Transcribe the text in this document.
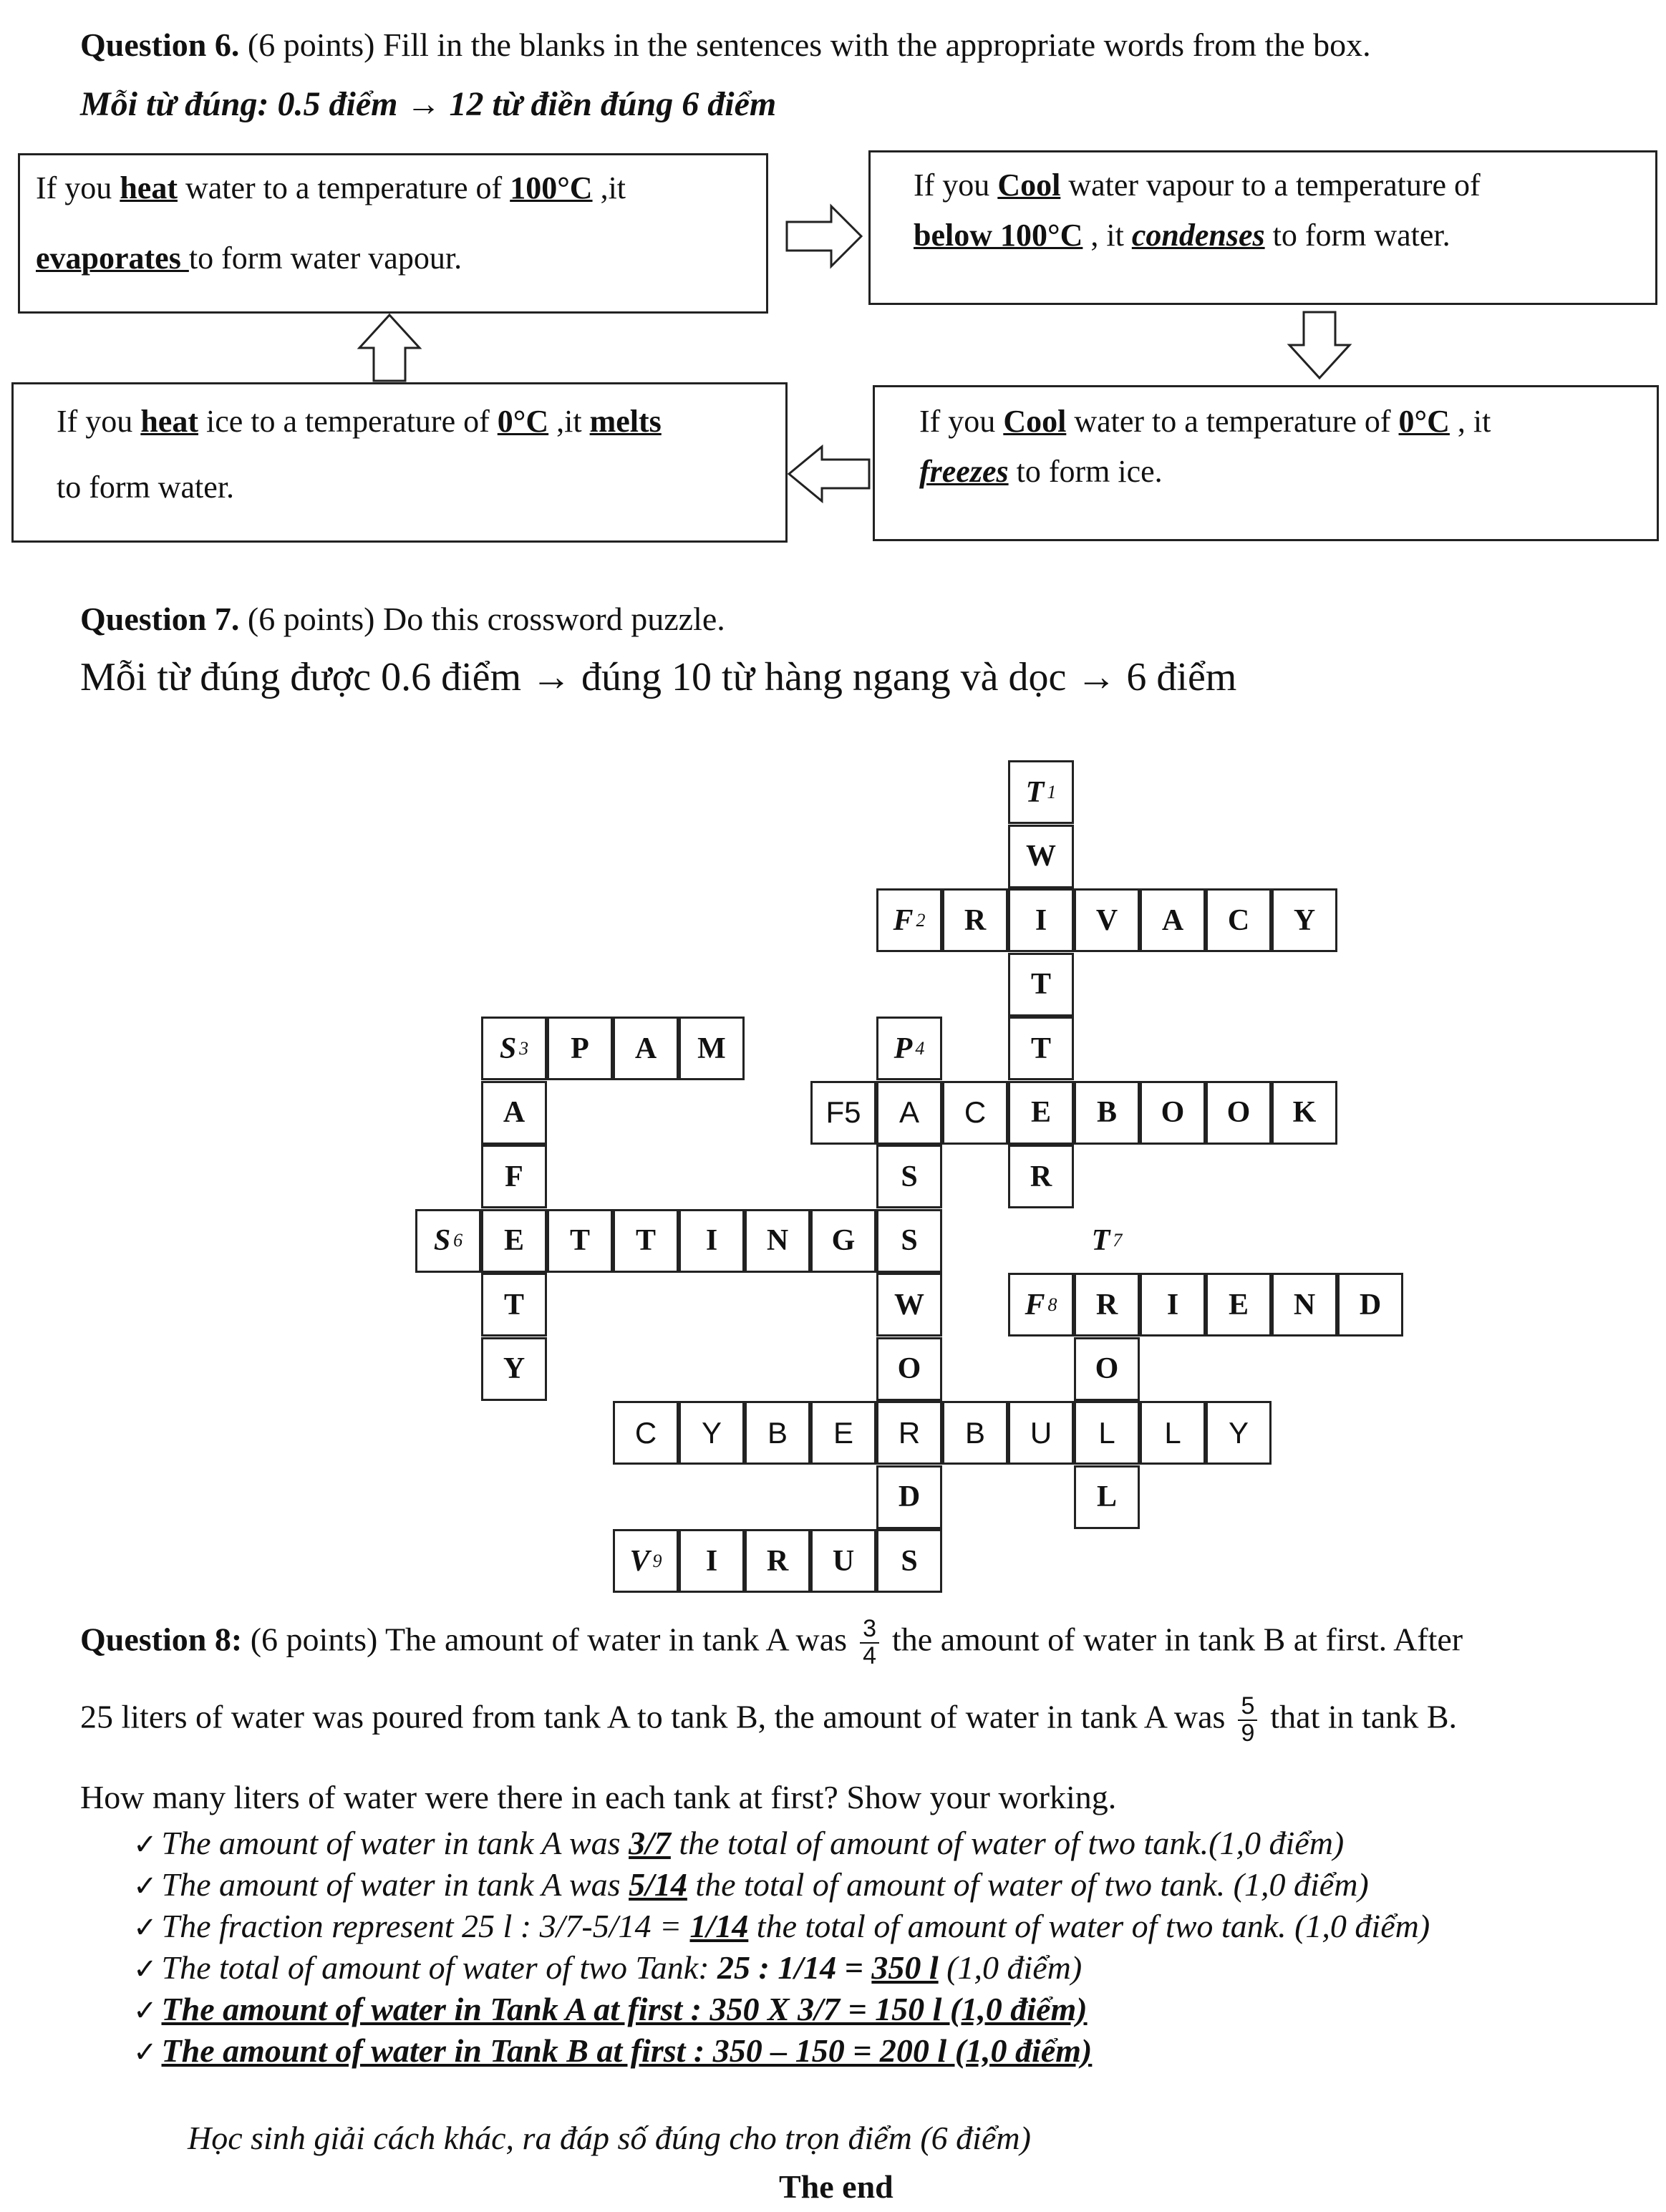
Question 6. (6 points) Fill in the blanks in the sentences with the appropriate words from the box.
Mỗi từ đúng: 0.5 điểm → 12 từ điền đúng 6 điểm
If you heat water to a temperature of 100°C ,it
evaporates to form water vapour.
If you Cool water vapour to a temperature of
below 100°C , it condenses to form water.
If you heat ice to a temperature of 0°C ,it melts
to form water.
If you Cool water to a temperature of 0°C , it
freezes to form ice.
Question 7. (6 points) Do this crossword puzzle.
Mỗi từ đúng được 0.6 điểm → đúng 10 từ hàng ngang và dọc → 6 điểm
T 1
W
F 2 R I V A C Y
T
S 3 P A M	P 4	T
A	F5 A C E B O O K
F	S	R
S 6 E T T I N G S	T 7
T	W	F 8 R I E N D
Y	O	O
C Y B E R B U L L Y
D	L
V 9 I R U S
Question 8: (6 points) The amount of water in tank A was $\frac{3}{4}$ the amount of water in tank B at first. After
25 liters of water was poured from tank A to tank B, the amount of water in tank A was $\frac{5}{9}$ that in tank B.
How many liters of water were there in each tank at first? Show your working.
✓ The amount of water in tank A was 3/7 the total of amount of water of two tank.(1,0 điểm)
✓ The amount of water in tank A was 5/14 the total of amount of water of two tank. (1,0 điểm)
✓ The fraction represent 25 l : 3/7-5/14 = 1/14 the total of amount of water of two tank. (1,0 điểm)
✓ The total of amount of water of two Tank: 25 : 1/14 = 350 l (1,0 điểm)
✓ The amount of water in Tank A at first : 350 X 3/7 = 150 l (1,0 điểm)
✓ The amount of water in Tank B at first : 350 – 150 = 200 l (1,0 điểm)
Học sinh giải cách khác, ra đáp số đúng cho trọn điểm (6 điểm)
The end
